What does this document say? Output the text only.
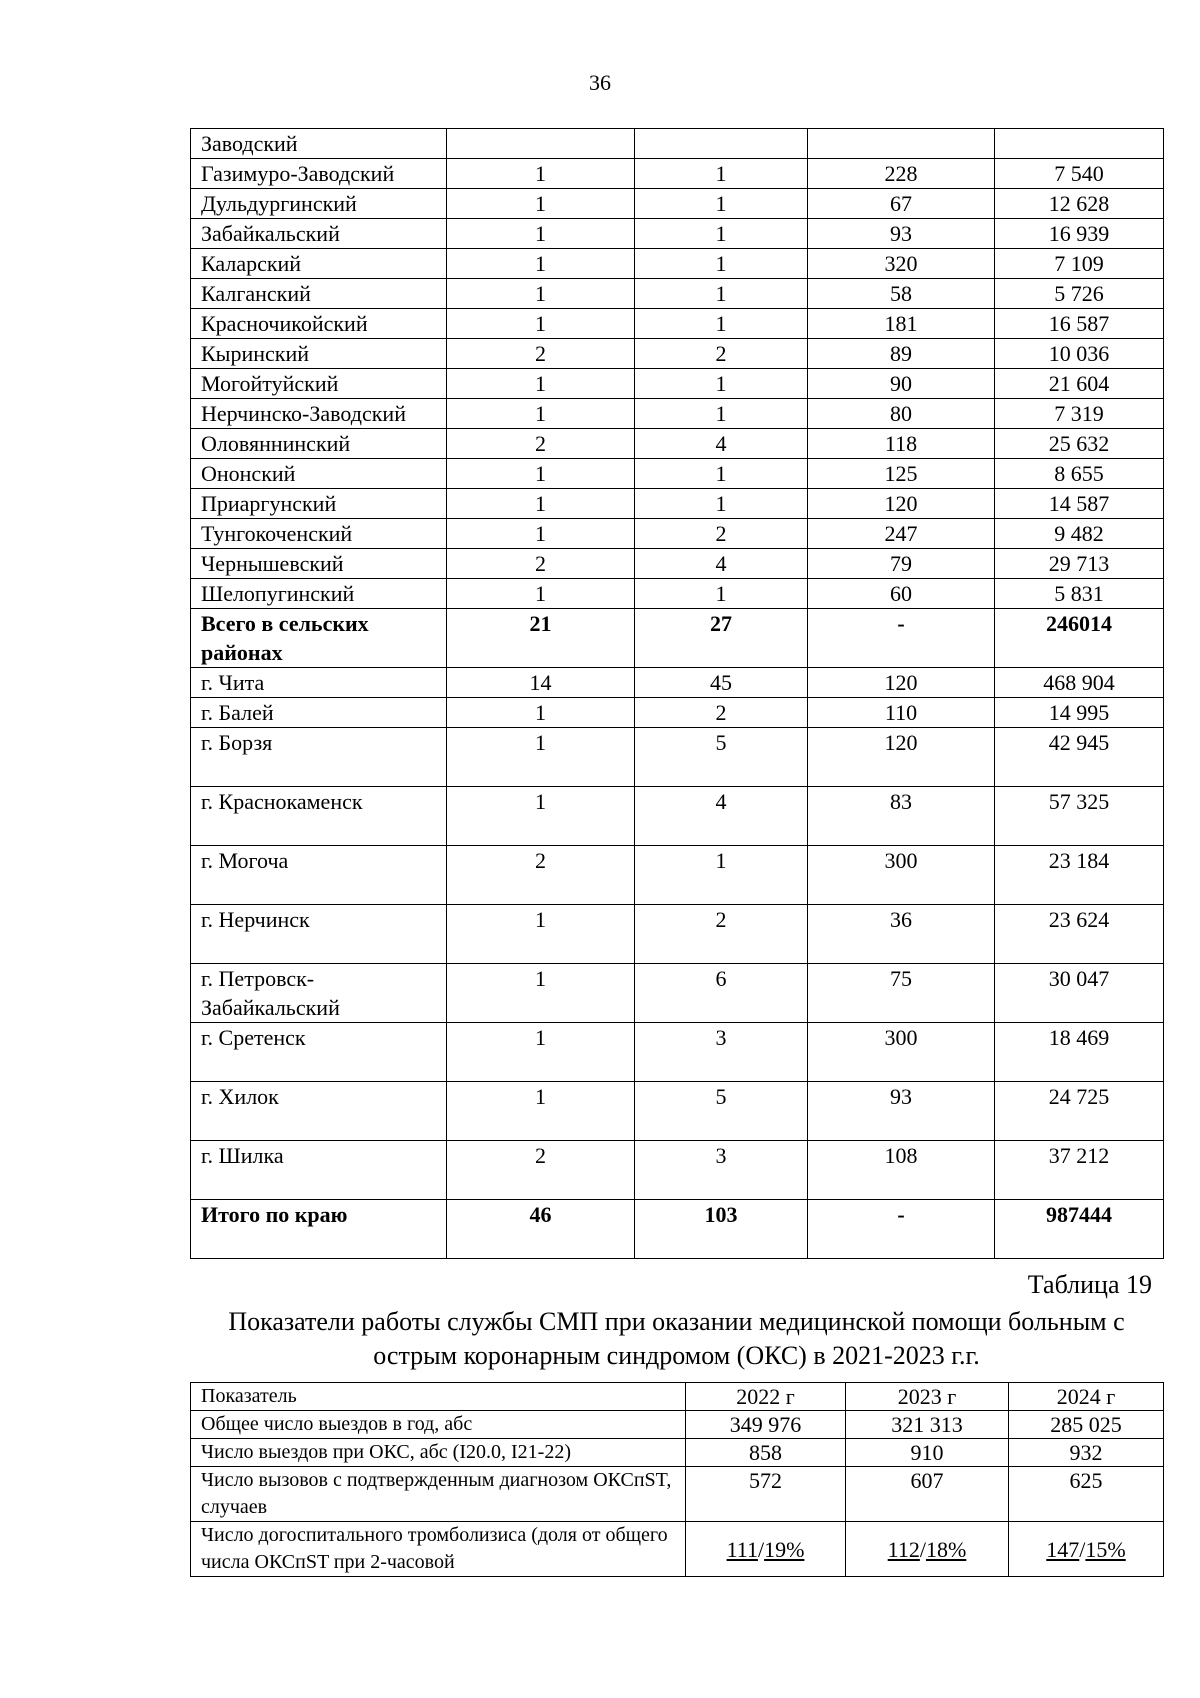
36
Заводский				
Газимуро-Заводский	1	1	228	7 540
Дульдургинский	1	1	67	12 628
Забайкальский	1	1	93	16 939
Каларский	1	1	320	7 109
Калганский	1	1	58	5 726
Красночикойский	1	1	181	16 587
Кыринский	2	2	89	10 036
Могойтуйский	1	1	90	21 604
Нерчинско-Заводский	1	1	80	7 319
Оловяннинский	2	4	118	25 632
Ононский	1	1	125	8 655
Приаргунский	1	1	120	14 587
Тунгокоченский	1	2	247	9 482
Чернышевский	2	4	79	29 713
Шелопугинский	1	1	60	5 831
Всего в сельских районах	21	27	-	246014
г. Чита	14	45	120	468 904
г. Балей	1	2	110	14 995
г. Борзя	1	5	120	42 945
г. Краснокаменск	1	4	83	57 325
г. Могоча	2	1	300	23 184
г. Нерчинск	1	2	36	23 624
г. Петровск-Забайкальский	1	6	75	30 047
г. Сретенск	1	3	300	18 469
г. Хилок	1	5	93	24 725
г. Шилка	2	3	108	37 212
Итого по краю	46	103	-	987444
Таблица 19
Показатели работы службы СМП при оказании медицинской помощи больным с острым коронарным синдромом (ОКС) в 2021-2023 г.г.
Показатель	2022 г	2023 г	2024 г
Общее число выездов в год, абс	349 976	321 313	285 025
Число выездов при ОКС, абс (I20.0, I21-22)	858	910	932
Число вызовов с подтвержденным диагнозом ОКСпST, случаев	572	607	625
Число догоспитального тромболизиса (доля от общего числа ОКСпST при 2-часовой	111/19%	112/18%	147/15%
